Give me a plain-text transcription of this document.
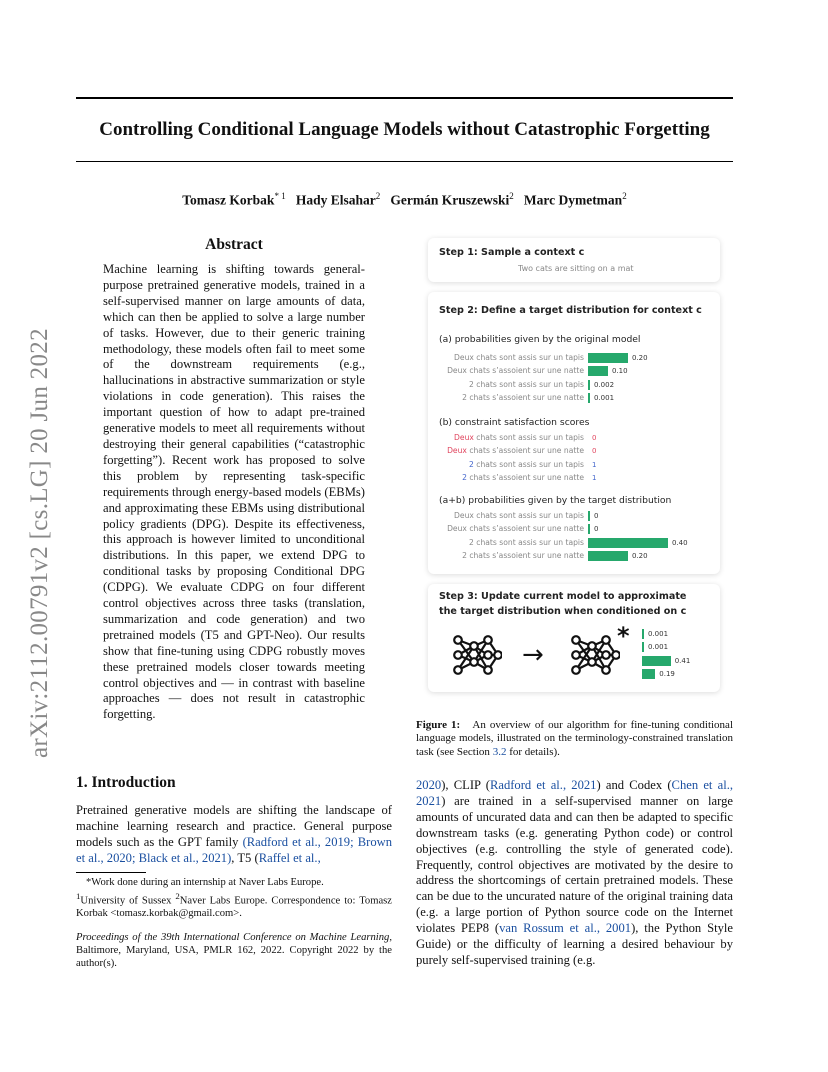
arXiv:2112.00791v2 [cs.LG] 20 Jun 2022
Controlling Conditional Language Models without Catastrophic Forgetting
Tomasz Korbak$^{* 1}$ Hady Elsahar$^2$ Germán Kruszewski$^2$ Marc Dymetman$^2$
Abstract
Machine learning is shifting towards general-purpose pretrained generative models, trained in a self-supervised manner on large amounts of data, which can then be applied to solve a large number of tasks. However, due to their generic training methodology, these models often fail to meet some of the downstream requirements (e.g., hallucinations in abstractive summarization or style violations in code generation). This raises the important question of how to adapt pre-trained generative models to meet all requirements without destroying their general capabilities (“catastrophic forgetting”). Recent work has proposed to solve this problem by representing task-specific requirements through energy-based models (EBMs) and approximating these EBMs using distributional policy gradients (DPG). Despite its effectiveness, this approach is however limited to unconditional distributions. In this paper, we extend DPG to conditional tasks by proposing Conditional DPG (CDPG). We evaluate CDPG on four different control objectives across three tasks (translation, summarization and code generation) and two pretrained models (T5 and GPT-Neo). Our results show that fine-tuning using CDPG robustly moves these pretrained models closer towards meeting control objectives and — in contrast with baseline approaches — does not result in catastrophic forgetting.
Step 1: Sample a context c
Two cats are sitting on a mat
Step 2: Define a target distribution for context c
(a) probabilities given by the original model
Deux chats sont assis sur un tapis	0.20
Deux chats s’assoient sur une natte	0.10
2 chats sont assis sur un tapis 0.002
2 chats s’assoient sur une natte 0.001
(b) constraint satisfaction scores
Deux chats sont assis sur un tapis 0
Deux chats s’assoient sur une natte 0
2 chats sont assis sur un tapis 1
2 chats s’assoient sur une natte 1
(a+b) probabilities given by the target distribution
Deux chats sont assis sur un tapis 0
Deux chats s’assoient sur une natte 0
2 chats sont assis sur un tapis	0.40
2 chats s’assoient sur une natte	0.20
Step 3: Update current model to approximate
the target distribution when conditioned on c
→
*	0.001
0.001
0.41
0.19
Figure 1: An overview of our algorithm for fine-tuning conditional language models, illustrated on the terminology-constrained translation task (see Section 3.2 for details).
1. Introduction
Pretrained generative models are shifting the landscape of machine learning research and practice. General purpose models such as the GPT family (Radford et al., 2019; Brown et al., 2020; Black et al., 2021), T5 (Raffel et al.,

*Work done during an internship at Naver Labs Europe.

$^1$University of Sussex $^2$Naver Labs Europe. Correspondence to: Tomasz Korbak <tomasz.korbak@gmail.com>.

Proceedings of the 39th International Conference on Machine Learning, Baltimore, Maryland, USA, PMLR 162, 2022. Copyright 2022 by the author(s).
2020), CLIP (Radford et al., 2021) and Codex (Chen et al., 2021) are trained in a self-supervised manner on large amounts of uncurated data and can then be adapted to specific downstream tasks (e.g. generating Python code) or control objectives (e.g. controlling the style of generated code). Frequently, control objectives are motivated by the desire to address the shortcomings of certain pretrained models. These can be due to the uncurated nature of the original training data (e.g. a large portion of Python source code on the Internet violates PEP8 (van Rossum et al., 2001), the Python Style Guide) or the difficulty of learning a desired behaviour by purely self-supervised training (e.g.
